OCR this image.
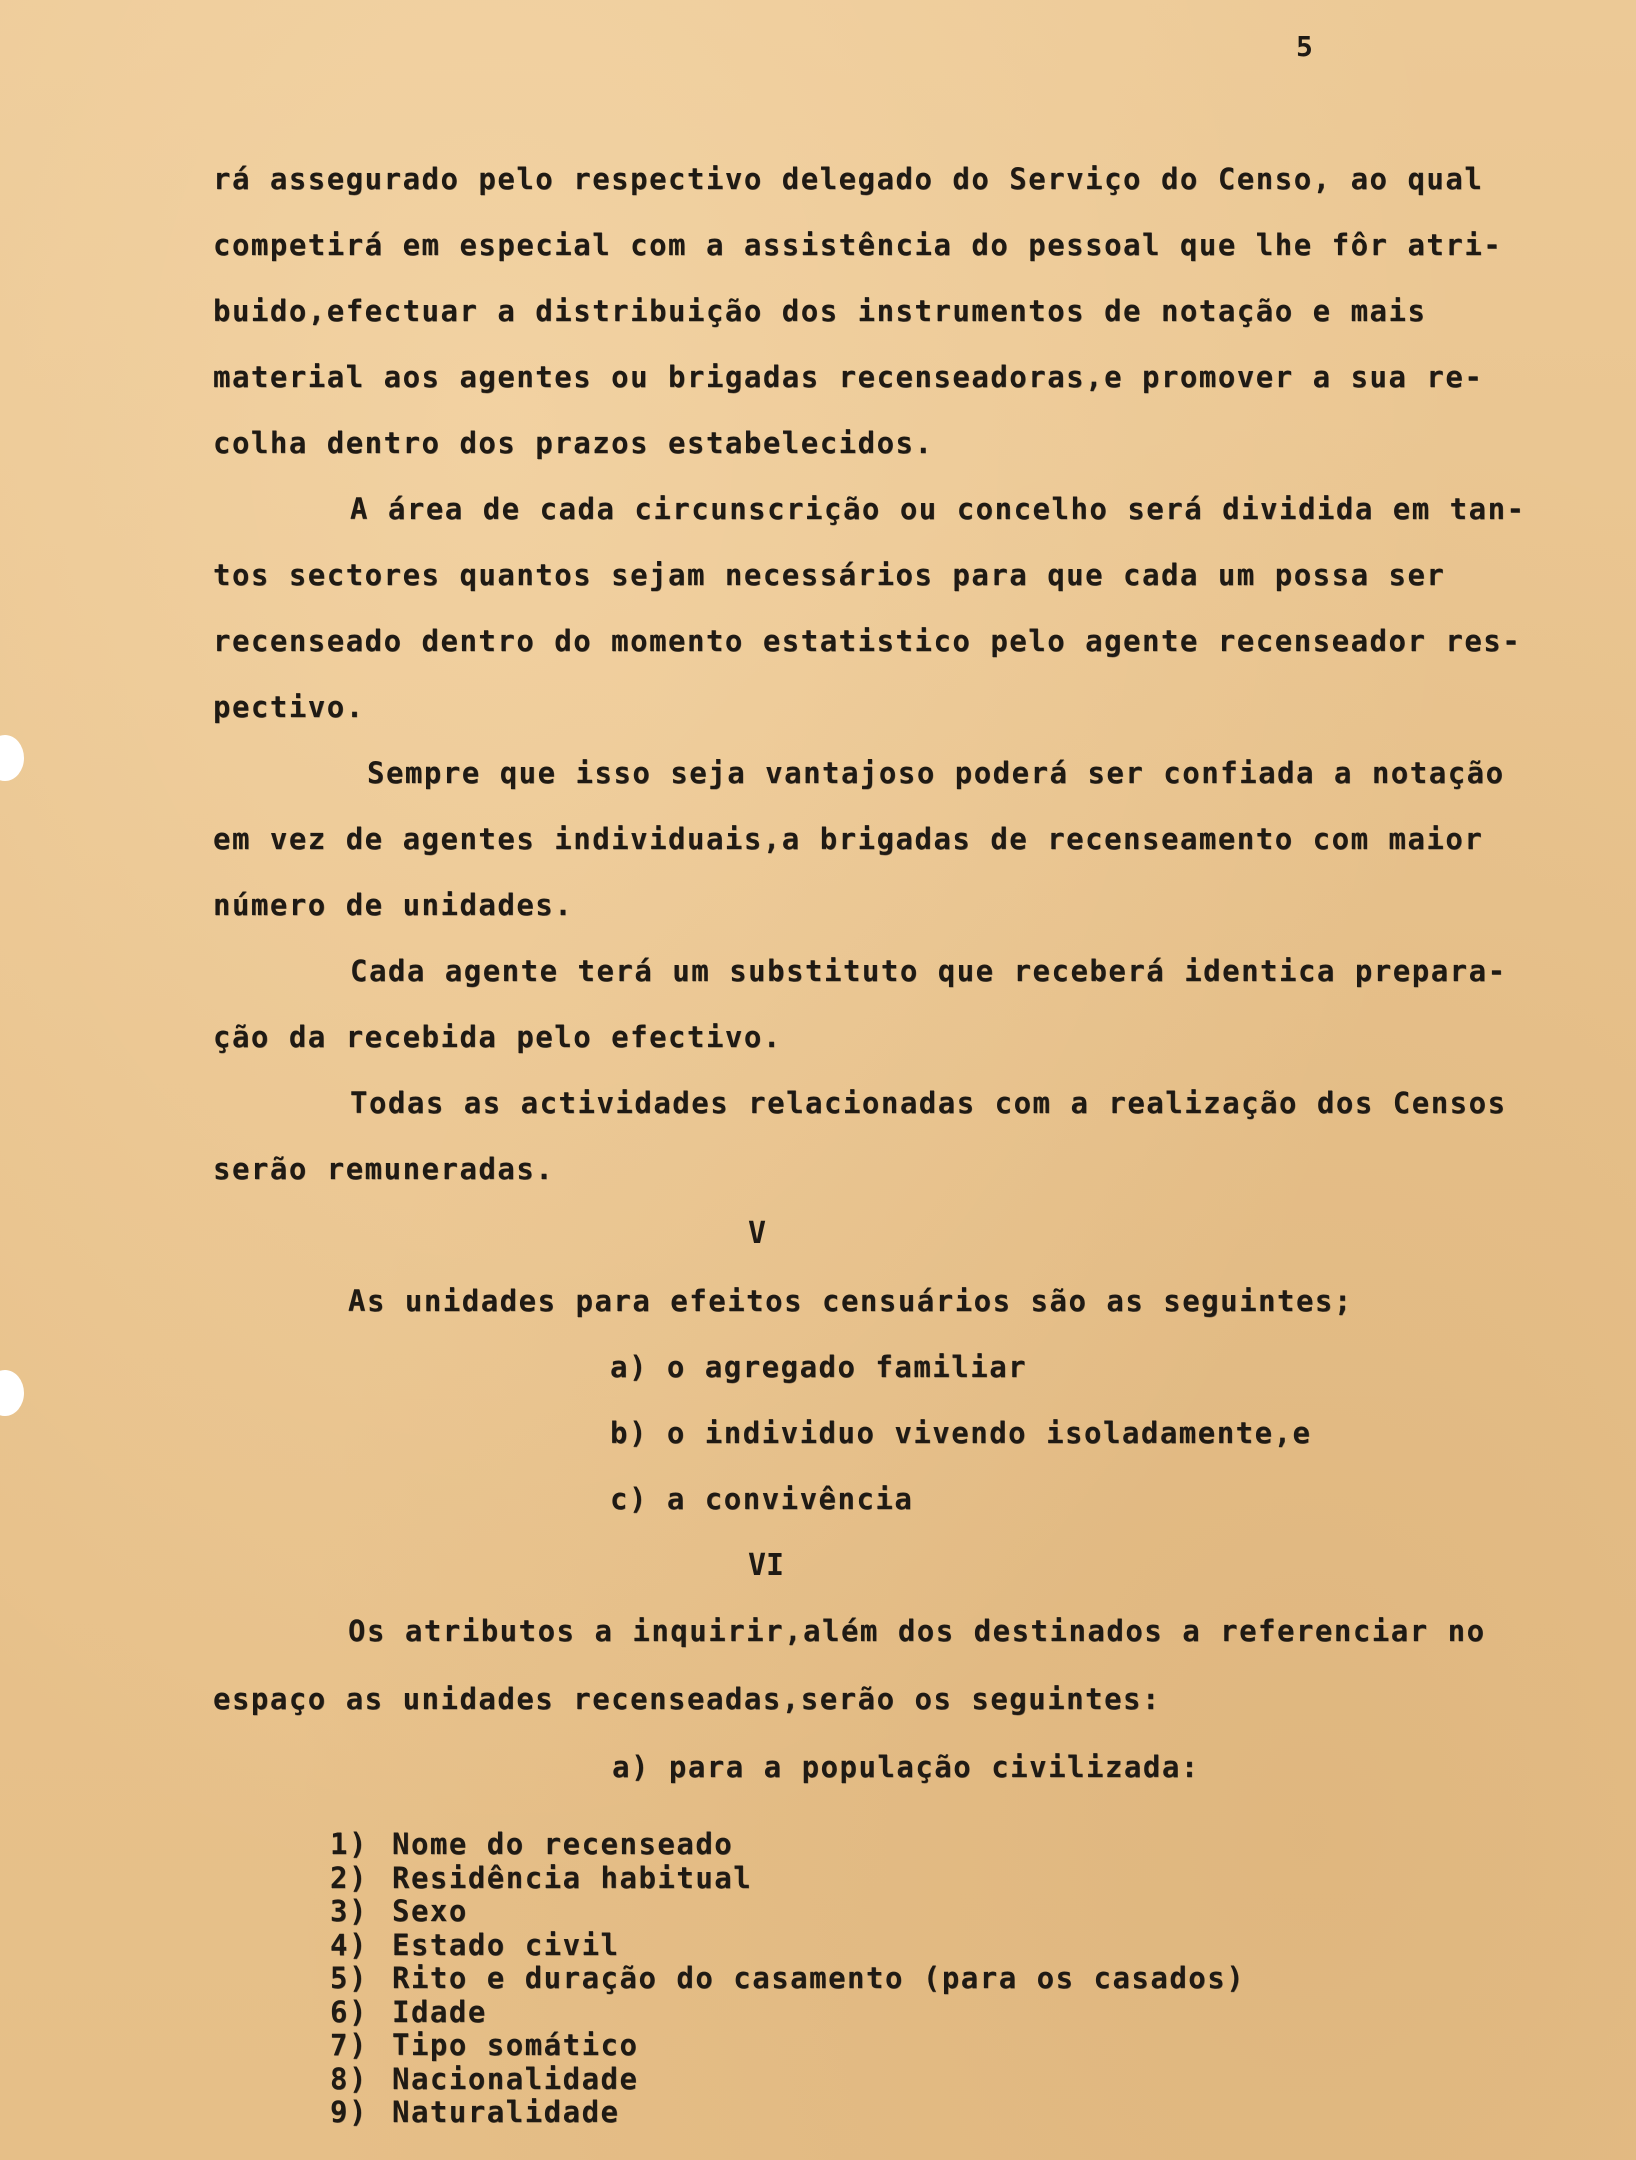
5
rá assegurado pelo respectivo delegado do Serviço do Censo, ao qual
competirá em especial com a assistência do pessoal que lhe fôr atri-
buido,efectuar a distribuição dos instrumentos de notação e mais
material aos agentes ou brigadas recenseadoras,e promover a sua re-
colha dentro dos prazos estabelecidos.
A área de cada circunscrição ou concelho será dividida em tan-
tos sectores quantos sejam necessários para que cada um possa ser
recenseado dentro do momento estatistico pelo agente recenseador res-
pectivo.
Sempre que isso seja vantajoso poderá ser confiada a notação
em vez de agentes individuais,a brigadas de recenseamento com maior
número de unidades.
Cada agente terá um substituto que receberá identica prepara-
ção da recebida pelo efectivo.
Todas as actividades relacionadas com a realização dos Censos
serão remuneradas.
V
As unidades para efeitos censuários são as seguintes;
a) o agregado familiar
b) o individuo vivendo isoladamente,e
c) a convivência
VI
Os atributos a inquirir,além dos destinados a referenciar no
espaço as unidades recenseadas,serão os seguintes:
a) para a população civilizada:
1) Nome do recenseado
2) Residência habitual
3) Sexo
4) Estado civil
5) Rito e duração do casamento (para os casados)
6) Idade
7) Tipo somático
8) Nacionalidade
9) Naturalidade
